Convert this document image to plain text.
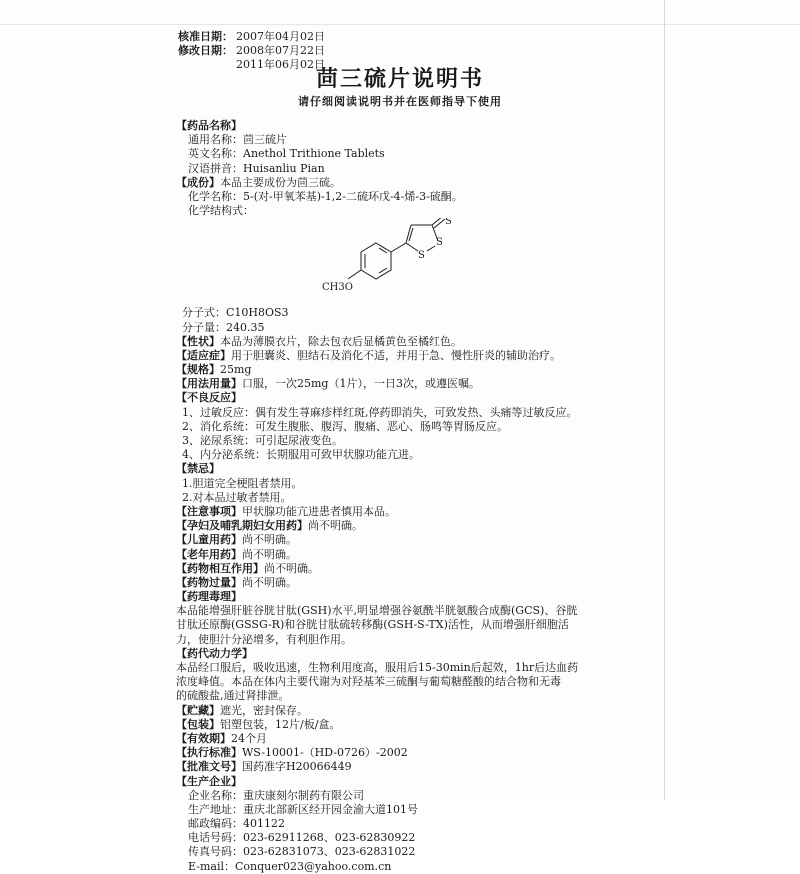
核准日期： 2007年04月02日
修改日期： 2008年07月22日
2011年06月02日
茴三硫片说明书
请仔细阅读说明书并在医师指导下使用
【药品名称】
通用名称：茴三硫片
英文名称：Anethol Trithione Tablets
汉语拼音：Huisanliu Pian
【成份】本品主要成份为茴三硫。
化学名称：5-(对-甲氧苯基)-1,2-二硫环戊-4-烯-3-硫酮。
化学结构式：
S
S
S
CH3O
分子式：C10H8OS3
分子量：240.35
【性状】本品为薄膜衣片，除去包衣后显橘黄色至橘红色。
【适应症】用于胆囊炎、胆结石及消化不适，并用于急、慢性肝炎的辅助治疗。
【规格】25mg
【用法用量】口服，一次25mg（1片），一日3次，或遵医嘱。
【不良反应】
1、过敏反应：偶有发生荨麻疹样红斑,停药即消失，可致发热、头痛等过敏反应。
2、消化系统：可发生腹胀、腹泻、腹痛、恶心、肠鸣等胃肠反应。
3、泌尿系统：可引起尿液变色。
4、内分泌系统：长期服用可致甲状腺功能亢进。
【禁忌】
1.胆道完全梗阻者禁用。
2.对本品过敏者禁用。
【注意事项】甲状腺功能亢进患者慎用本品。
【孕妇及哺乳期妇女用药】尚不明确。
【儿童用药】尚不明确。
【老年用药】尚不明确。
【药物相互作用】尚不明确。
【药物过量】尚不明确。
【药理毒理】
本品能增强肝脏谷胱甘肽(GSH)水平,明显增强谷氨酰半胱氨酸合成酶(GCS)、谷胱
甘肽还原酶(GSSG-R)和谷胱甘肽硫转移酶(GSH-S-TX)活性，从而增强肝细胞活
力，使胆汁分泌增多，有利胆作用。
【药代动力学】
本品经口服后，吸收迅速，生物利用度高，服用后15-30min后起效，1hr后达血药
浓度峰值。本品在体内主要代谢为对羟基苯三硫酮与葡萄糖醛酸的结合物和无毒
的硫酸盐,通过肾排泄。
【贮藏】遮光，密封保存。
【包装】铝塑包装，12片/板/盒。
【有效期】24个月
【执行标准】WS-10001-（HD-0726）-2002
【批准文号】国药准字H20066449
【生产企业】
企业名称：重庆康刻尔制药有限公司
生产地址：重庆北部新区经开园金渝大道101号
邮政编码：401122
电话号码：023-62911268、023-62830922
传真号码：023-62831073、023-62831022
E-mail：Conquer023@yahoo.com.cn
